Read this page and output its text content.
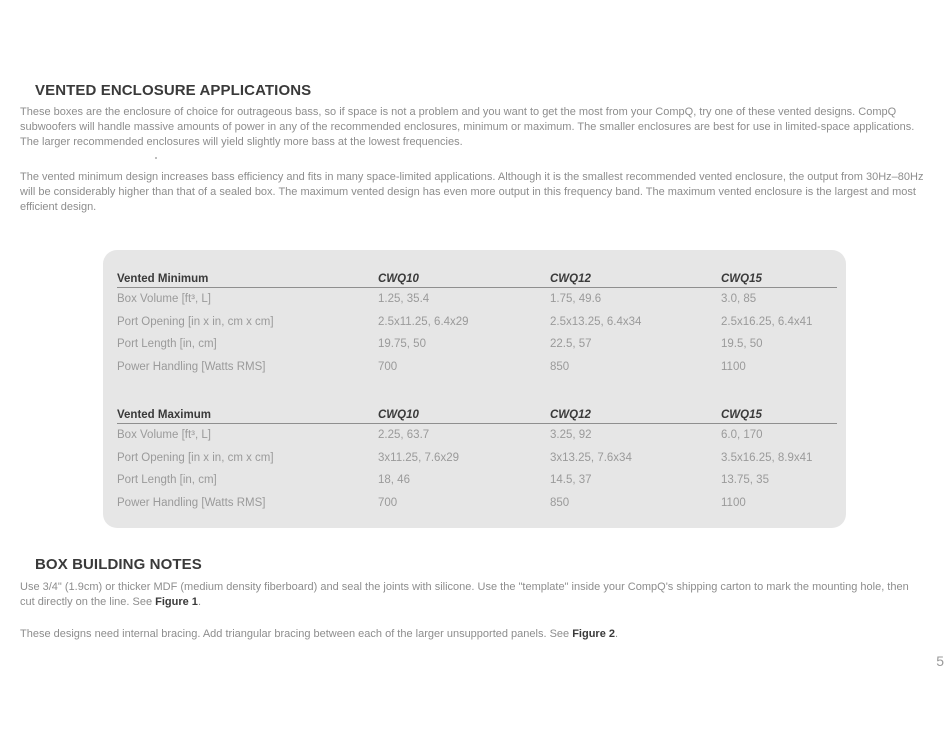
VENTED ENCLOSURE APPLICATIONS

These boxes are the enclosure of choice for outrageous bass, so if space is not a problem and you want to get the most from your CompQ, try one of these vented designs. CompQ subwoofers will handle massive amounts of power in any of the recommended enclosures, minimum or maximum. The smaller enclosures are best for use in limited-space applications. The larger recommended enclosures will yield slightly more bass at the lowest frequencies.

The vented minimum design increases bass efficiency and fits in many space-limited applications. Although it is the smallest recommended vented enclosure, the output from 30Hz–80Hz will be considerably higher than that of a sealed box. The maximum vented design has even more output in this frequency band. The maximum vented enclosure is the largest and most efficient design.

Vented Minimum	CWQ10	CWQ12	CWQ15
Box Volume [ft³, L]	1.25, 35.4	1.75, 49.6	3.0, 85
Port Opening [in x in, cm x cm]	2.5x11.25, 6.4x29	2.5x13.25, 6.4x34	2.5x16.25, 6.4x41
Port Length [in, cm]	19.75, 50	22.5, 57	19.5, 50
Power Handling [Watts RMS]	700	850	1100
Vented Maximum	CWQ10	CWQ12	CWQ15
Box Volume [ft³, L]	2.25, 63.7	3.25, 92	6.0, 170
Port Opening [in x in, cm x cm]	3x11.25, 7.6x29	3x13.25, 7.6x34	3.5x16.25, 8.9x41
Port Length [in, cm]	18, 46	14.5, 37	13.75, 35
Power Handling [Watts RMS]	700	850	1100
BOX BUILDING NOTES

Use 3/4" (1.9cm) or thicker MDF (medium density fiberboard) and seal the joints with silicone. Use the "template" inside your CompQ's shipping carton to mark the mounting hole, then cut directly on the line. See Figure 1.

These designs need internal bracing. Add triangular bracing between each of the larger unsupported panels. See Figure 2.

5
